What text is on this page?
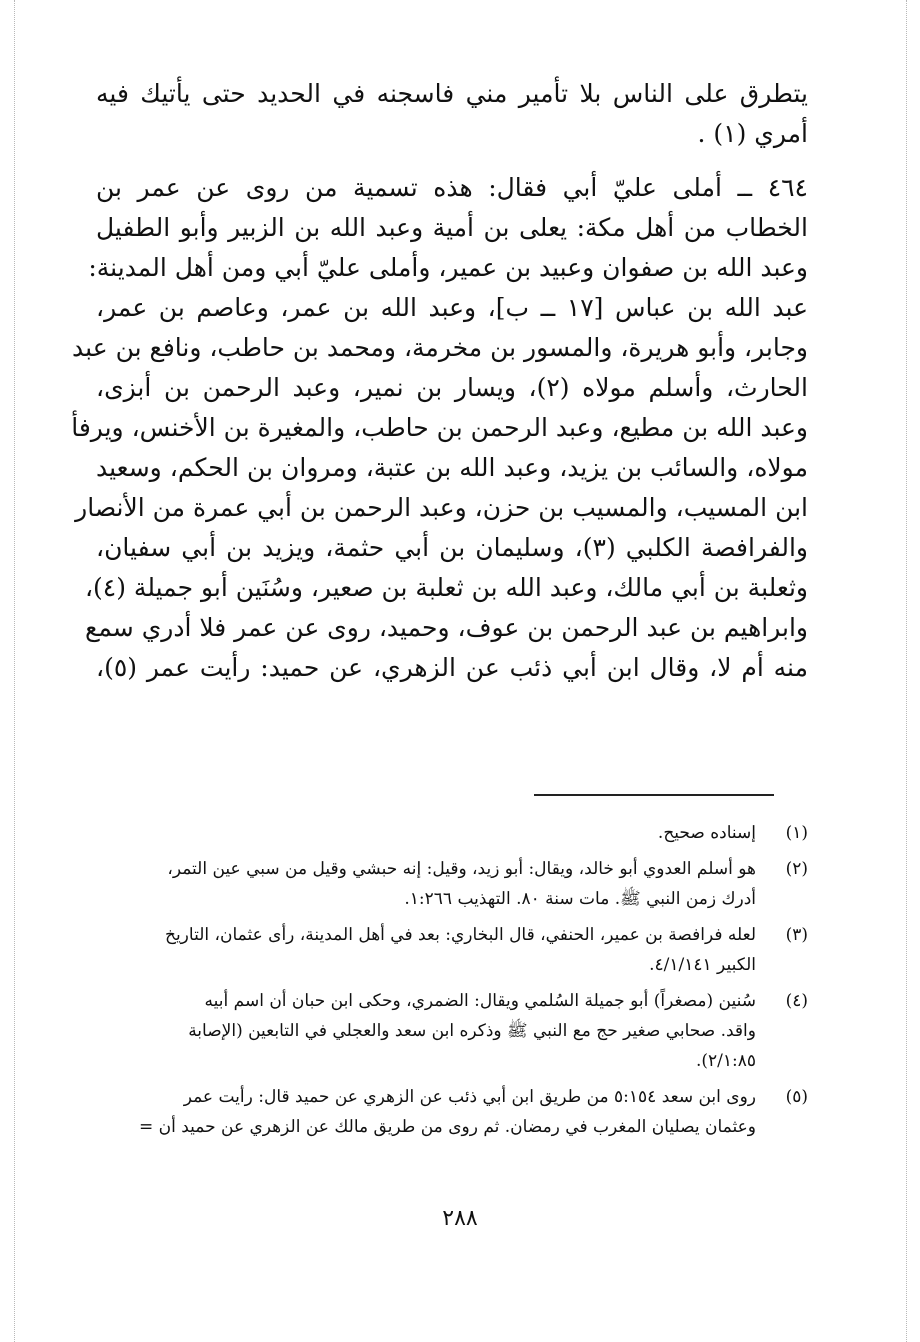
يتطرق على الناس بلا تأمير مني فاسجنه في الحديد حتى يأتيك فيه
أمري (١) .
٤٦٤ ــ أملى عليّ أبي فقال: هذه تسمية من روى عن عمر بن
الخطاب من أهل مكة: يعلى بن أمية وعبد الله بن الزبير وأبو الطفيل
وعبد الله بن صفوان وعبيد بن عمير، وأملى عليّ أبي ومن أهل المدينة:
عبد الله بن عباس [١٧ ــ ب]، وعبد الله بن عمر، وعاصم بن عمر،
وجابر، وأبو هريرة، والمسور بن مخرمة، ومحمد بن حاطب، ونافع بن عبد
الحارث، وأسلم مولاه (٢)، ويسار بن نمير، وعبد الرحمن بن أبزى،
وعبد الله بن مطيع، وعبد الرحمن بن حاطب، والمغيرة بن الأخنس، ويرفأ
مولاه، والسائب بن يزيد، وعبد الله بن عتبة، ومروان بن الحكم، وسعيد
ابن المسيب، والمسيب بن حزن، وعبد الرحمن بن أبي عمرة من الأنصار
والفرافصة الكلبي (٣)، وسليمان بن أبي حثمة، ويزيد بن أبي سفيان،
وثعلبة بن أبي مالك، وعبد الله بن ثعلبة بن صعير، وسُنَين أبو جميلة (٤)،
وابراهيم بن عبد الرحمن بن عوف، وحميد، روى عن عمر فلا أدري سمع
منه أم لا، وقال ابن أبي ذئب عن الزهري، عن حميد: رأيت عمر (٥)،
(١)
إسناده صحيح.
(٢)
هو أسلم العدوي أبو خالد، ويقال: أبو زيد، وقيل: إنه حبشي وقيل من سبي عين التمر،
أدرك زمن النبي ﷺ. مات سنة ٨٠. التهذيب ١:٢٦٦.
(٣)
لعله فرافصة بن عمير، الحنفي، قال البخاري: بعد في أهل المدينة، رأى عثمان، التاريخ
الكبير ٤/١/١٤١.
(٤)
سُنين (مصغراً) أبو جميلة السُلمي ويقال: الضمري، وحكى ابن حبان أن اسم أبيه
واقد. صحابي صغير حج مع النبي ﷺ وذكره ابن سعد والعجلي في التابعين (الإصابة
٢/١:٨٥).
(٥)
روى ابن سعد ٥:١٥٤ من طريق ابن أبي ذئب عن الزهري عن حميد قال: رأيت عمر
وعثمان يصليان المغرب في رمضان. ثم روى من طريق مالك عن الزهري عن حميد أن =
٢٨٨
